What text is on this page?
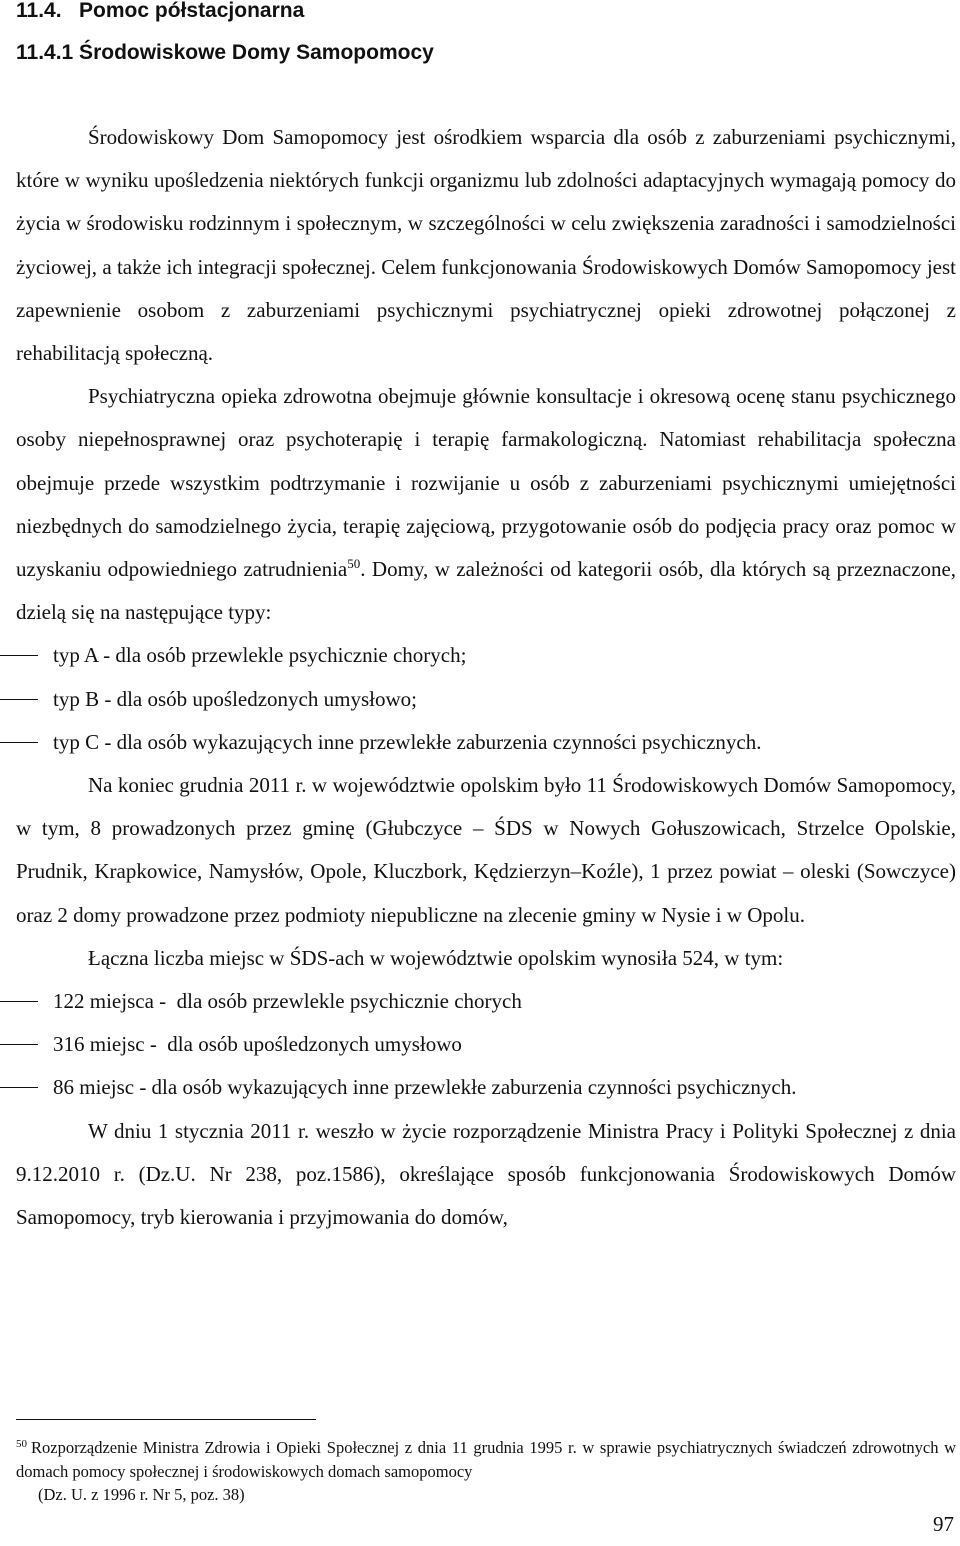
11.4.   Pomoc półstacjonarna
11.4.1 Środowiskowe Domy Samopomocy

Środowiskowy Dom Samopomocy jest ośrodkiem wsparcia dla osób z zaburzeniami psychicznymi, które w wyniku upośledzenia niektórych funkcji organizmu lub zdolności adaptacyjnych wymagają pomocy do życia w środowisku rodzinnym i społecznym, w szczególności w celu zwiększenia zaradności i samodzielności życiowej, a także ich integracji społecznej. Celem funkcjonowania Środowiskowych Domów Samopomocy jest zapewnienie osobom z zaburzeniami psychicznymi psychiatrycznej opieki zdrowotnej połączonej z rehabilitacją społeczną.

Psychiatryczna opieka zdrowotna obejmuje głównie konsultacje i okresową ocenę stanu psychicznego osoby niepełnosprawnej oraz psychoterapię i terapię farmakologiczną. Natomiast rehabilitacja społeczna obejmuje przede wszystkim podtrzymanie i rozwijanie u osób z zaburzeniami psychicznymi umiejętności niezbędnych do samodzielnego życia, terapię zajęciową, przygotowanie osób do podjęcia pracy oraz pomoc w uzyskaniu odpowiedniego zatrudnienia$^{50}$. Domy, w zależności od kategorii osób, dla których są przeznaczone, dzielą się na następujące typy:

typ A - dla osób przewlekle psychicznie chorych;
typ B - dla osób upośledzonych umysłowo;
typ C - dla osób wykazujących inne przewlekłe zaburzenia czynności psychicznych.

Na koniec grudnia 2011 r. w województwie opolskim było 11 Środowiskowych Domów Samopomocy, w tym, 8 prowadzonych przez gminę (Głubczyce – ŚDS w Nowych Gołuszowicach, Strzelce Opolskie, Prudnik, Krapkowice, Namysłów, Opole, Kluczbork, Kędzierzyn–Koźle), 1 przez powiat – oleski (Sowczyce) oraz 2 domy prowadzone przez podmioty niepubliczne na zlecenie gminy w Nysie i w Opolu.

Łączna liczba miejsc w ŚDS-ach w województwie opolskim wynosiła 524, w tym:

122 miejsca -  dla osób przewlekle psychicznie chorych
316 miejsc -  dla osób upośledzonych umysłowo
86 miejsc - dla osób wykazujących inne przewlekłe zaburzenia czynności psychicznych.

W dniu 1 stycznia 2011 r. weszło w życie rozporządzenie Ministra Pracy i Polityki Społecznej z dnia 9.12.2010 r. (Dz.U. Nr 238, poz.1586), określające sposób funkcjonowania Środowiskowych Domów Samopomocy, tryb kierowania i przyjmowania do domów,

$^{50}$ Rozporządzenie Ministra Zdrowia i Opieki Społecznej z dnia 11 grudnia 1995 r. w sprawie psychiatrycznych świadczeń zdrowotnych w domach pomocy społecznej i środowiskowych domach samopomocy

(Dz. U. z 1996 r. Nr 5, poz. 38)

97
